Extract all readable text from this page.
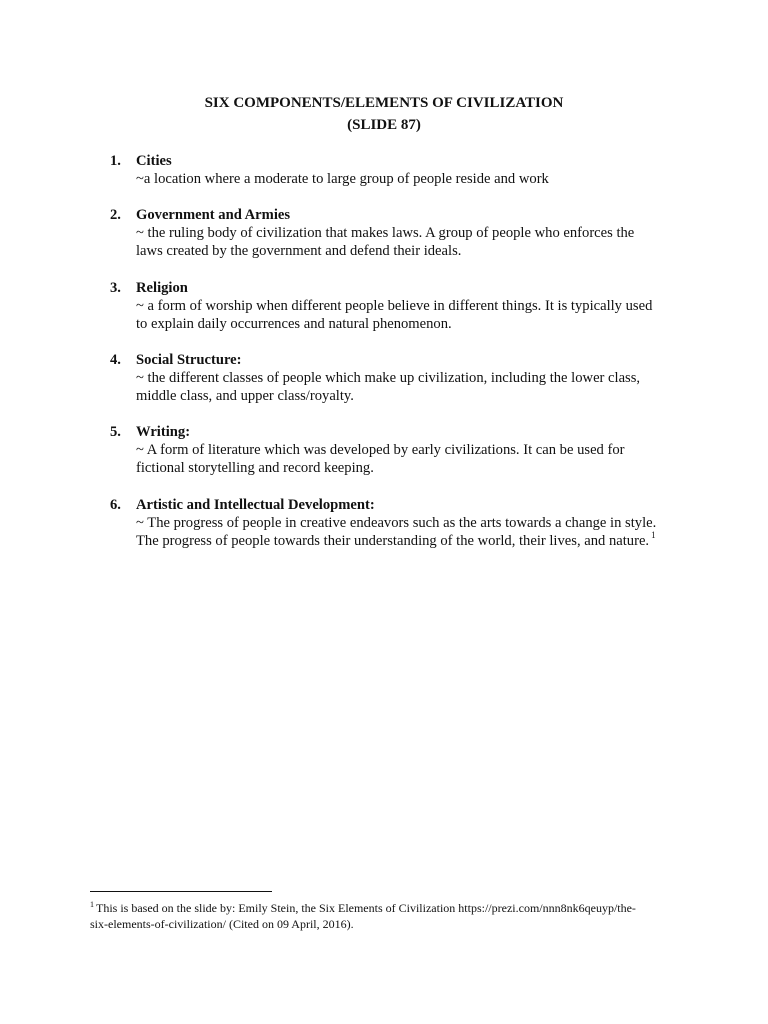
SIX COMPONENTS/ELEMENTS OF CIVILIZATION
(SLIDE 87)
1.	Cities
~a location where a moderate to large group of people reside and work
2.	Government and Armies
~ the ruling body of civilization that makes laws. A group of people who enforces the
laws created by the government and defend their ideals.
3.	Religion
~ a form of worship when different people believe in different things. It is typically used
to explain daily occurrences and natural phenomenon.
4.	Social Structure:
~ the different classes of people which make up civilization, including the lower class,
middle class, and upper class/royalty.
5.	Writing:
~ A form of literature which was developed by early civilizations. It can be used for
fictional storytelling and record keeping.
6.	Artistic and Intellectual Development:
~ The progress of people in creative endeavors such as the arts towards a change in style.
The progress of people towards their understanding of the world, their lives, and nature. $^1$
$^1$ This is based on the slide by: Emily Stein, the Six Elements of Civilization https://prezi.com/nnn8nk6qeuyp/the-
six-elements-of-civilization/ (Cited on 09 April, 2016).
